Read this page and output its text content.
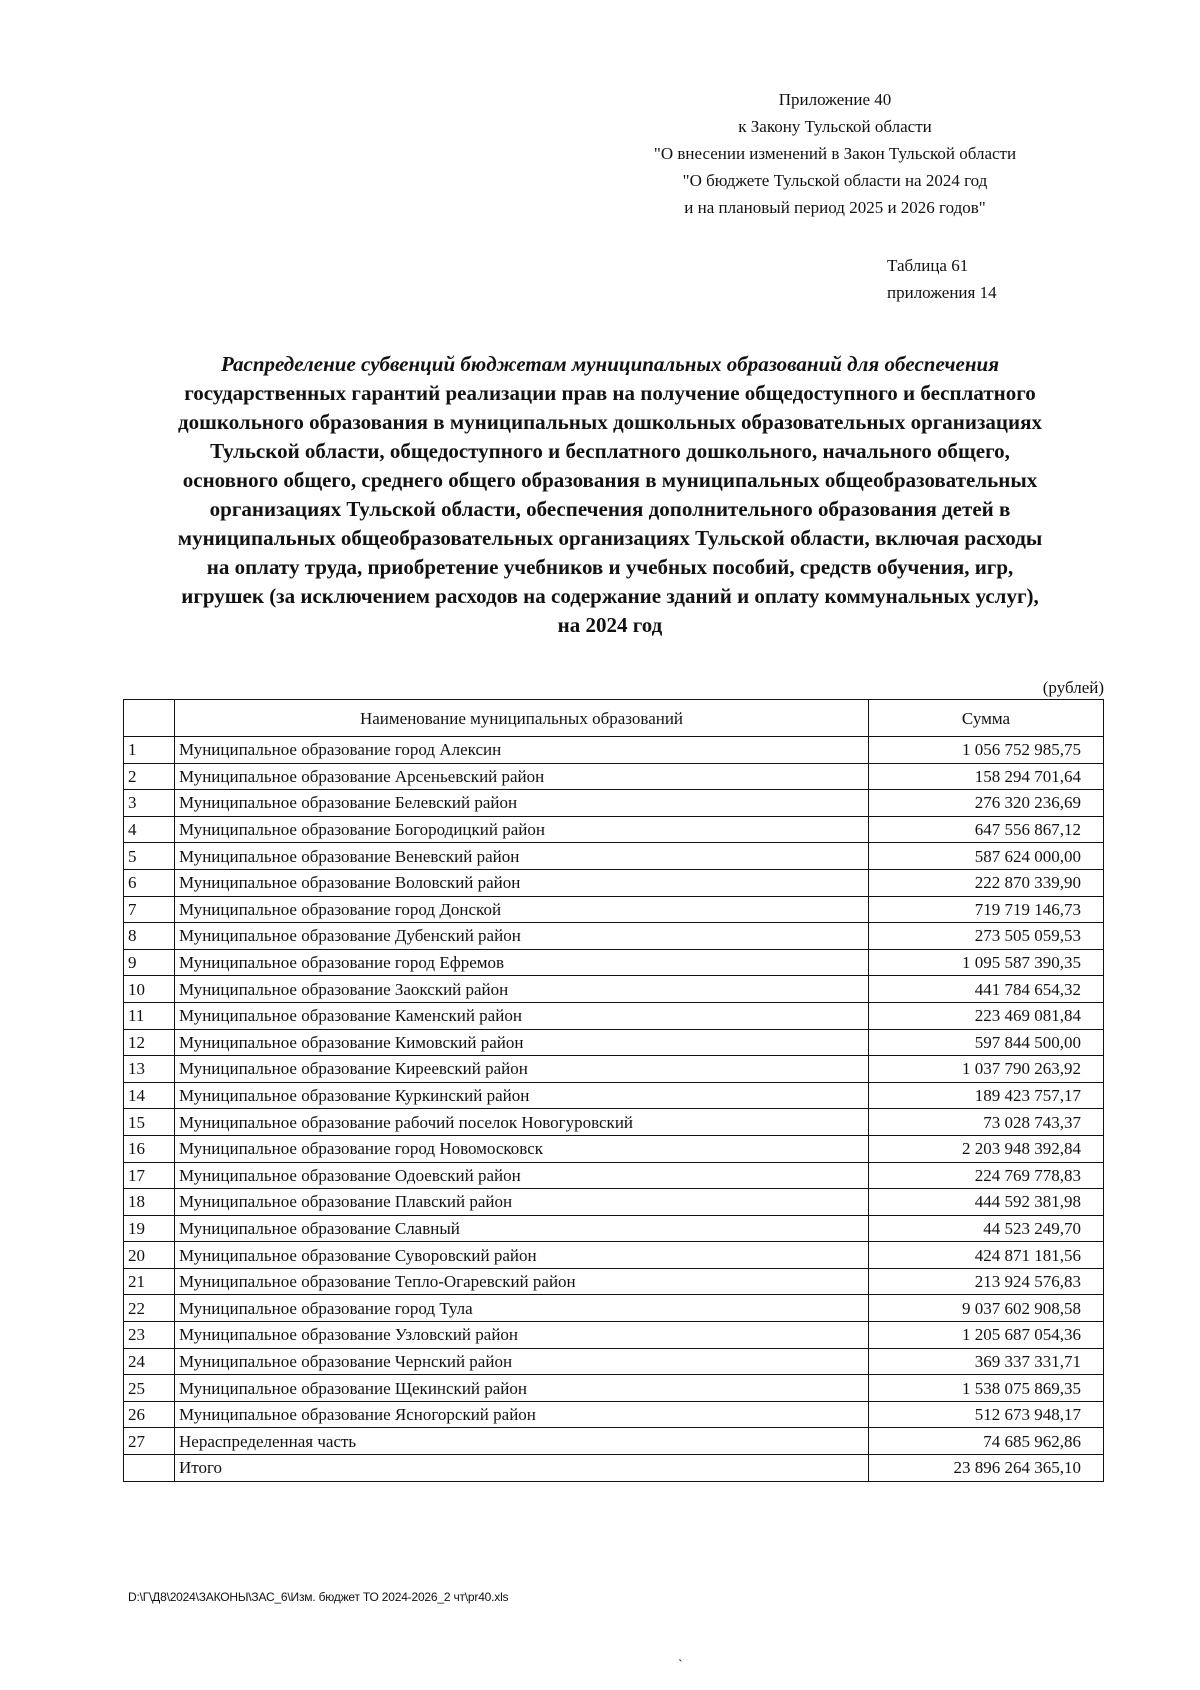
Приложение 40
к Закону Тульской области
"О внесении изменений в Закон Тульской области
"О бюджете Тульской области на 2024 год
и на плановый период 2025 и 2026 годов"
Таблица 61
приложения 14
Распределение субвенций бюджетам муниципальных образований для обеспечения
государственных гарантий реализации прав на получение общедоступного и бесплатного
дошкольного образования в муниципальных дошкольных образовательных организациях
Тульской области, общедоступного и бесплатного дошкольного, начального общего,
основного общего, среднего общего образования в муниципальных общеобразовательных
организациях Тульской области, обеспечения дополнительного образования детей в
муниципальных общеобразовательных организациях Тульской области, включая расходы
на оплату труда, приобретение учебников и учебных пособий, средств обучения, игр,
игрушек (за исключением расходов на содержание зданий и оплату коммунальных услуг),
на 2024 год
(рублей)
	Наименование муниципальных образований	Сумма
1	Муниципальное образование город Алексин	1 056 752 985,75
2	Муниципальное образование Арсеньевский район	158 294 701,64
3	Муниципальное образование Белевский район	276 320 236,69
4	Муниципальное образование Богородицкий район	647 556 867,12
5	Муниципальное образование Веневский район	587 624 000,00
6	Муниципальное образование Воловский район	222 870 339,90
7	Муниципальное образование город Донской	719 719 146,73
8	Муниципальное образование Дубенский район	273 505 059,53
9	Муниципальное образование город Ефремов	1 095 587 390,35
10	Муниципальное образование Заокский район	441 784 654,32
11	Муниципальное образование Каменский район	223 469 081,84
12	Муниципальное образование Кимовский район	597 844 500,00
13	Муниципальное образование Киреевский район	1 037 790 263,92
14	Муниципальное образование Куркинский район	189 423 757,17
15	Муниципальное образование рабочий поселок Новогуровский	73 028 743,37
16	Муниципальное образование город Новомосковск	2 203 948 392,84
17	Муниципальное образование Одоевский район	224 769 778,83
18	Муниципальное образование Плавский район	444 592 381,98
19	Муниципальное образование Славный	44 523 249,70
20	Муниципальное образование Суворовский район	424 871 181,56
21	Муниципальное образование Тепло-Огаревский район	213 924 576,83
22	Муниципальное образование город Тула	9 037 602 908,58
23	Муниципальное образование Узловский район	1 205 687 054,36
24	Муниципальное образование Чернский район	369 337 331,71
25	Муниципальное образование Щекинский район	1 538 075 869,35
26	Муниципальное образование Ясногорский район	512 673 948,17
27	Нераспределенная часть	74 685 962,86
	Итого	23 896 264 365,10
D:\Г\Д8\2024\ЗАКОНЫ\ЗАС_6\Изм. бюджет ТО 2024-2026_2 чт\pr40.xls
`
